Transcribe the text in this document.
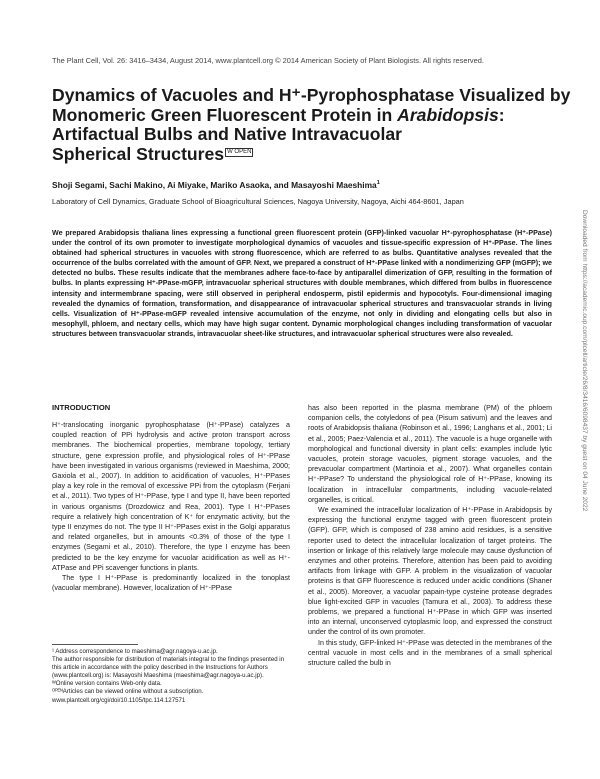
The Plant Cell, Vol. 26: 3416–3434, August 2014, www.plantcell.org © 2014 American Society of Plant Biologists. All rights reserved.
Dynamics of Vacuoles and H⁺-Pyrophosphatase Visualized by
Monomeric Green Fluorescent Protein in Arabidopsis:
Artifactual Bulbs and Native Intravacuolar
Spherical Structures W OPEN
Shoji Segami, Sachi Makino, Ai Miyake, Mariko Asaoka, and Masayoshi Maeshima$^1$
Laboratory of Cell Dynamics, Graduate School of Bioagricultural Sciences, Nagoya University, Nagoya, Aichi 464-8601, Japan

We prepared Arabidopsis thaliana lines expressing a functional green fluorescent protein (GFP)-linked vacuolar H⁺-pyrophosphatase (H⁺-PPase) under the control of its own promoter to investigate morphological dynamics of vacuoles and tissue-specific expression of H⁺-PPase. The lines obtained had spherical structures in vacuoles with strong fluorescence, which are referred to as bulbs. Quantitative analyses revealed that the occurrence of the bulbs correlated with the amount of GFP. Next, we prepared a construct of H⁺-PPase linked with a nondimerizing GFP (mGFP); we detected no bulbs. These results indicate that the membranes adhere face-to-face by antiparallel dimerization of GFP, resulting in the formation of bulbs. In plants expressing H⁺-PPase-mGFP, intravacuolar spherical structures with double membranes, which differed from bulbs in fluorescence intensity and intermembrane spacing, were still observed in peripheral endosperm, pistil epidermis and hypocotyls. Four-dimensional imaging revealed the dynamics of formation, transformation, and disappearance of intravacuolar spherical structures and transvacuolar strands in living cells. Visualization of H⁺-PPase-mGFP revealed intensive accumulation of the enzyme, not only in dividing and elongating cells but also in mesophyll, phloem, and nectary cells, which may have high sugar content. Dynamic morphological changes including transformation of vacuolar structures between transvacuolar strands, intravacuolar sheet-like structures, and intravacuolar spherical structures were also revealed.

INTRODUCTION

H⁺-translocating inorganic pyrophosphatase (H⁺-PPase) catalyzes a coupled reaction of PPi hydrolysis and active proton transport across membranes. The biochemical properties, membrane topology, tertiary structure, gene expression profile, and physiological roles of H⁺-PPase have been investigated in various organisms (reviewed in Maeshima, 2000; Gaxiola et al., 2007). In addition to acidification of vacuoles, H⁺-PPases play a key role in the removal of excessive PPi from the cytoplasm (Ferjani et al., 2011). Two types of H⁺-PPase, type I and type II, have been reported in various organisms (Drozdowicz and Rea, 2001). Type I H⁺-PPases require a relatively high concentration of K⁺ for enzymatic activity, but the type II enzymes do not. The type II H⁺-PPases exist in the Golgi apparatus and related organelles, but in amounts <0.3% of those of the type I enzymes (Segami et al., 2010). Therefore, the type I enzyme has been predicted to be the key enzyme for vacuolar acidification as well as H⁺-ATPase and PPi scavenger functions in plants.

The type I H⁺-PPase is predominantly localized in the tonoplast (vacuolar membrane). However, localization of H⁺-PPase

¹ Address correspondence to maeshima@agr.nagoya-u.ac.jp.

The author responsible for distribution of materials integral to the findings presented in this article in accordance with the policy described in the Instructions for Authors (www.plantcell.org) is: Masayoshi Maeshima (maeshima@agr.nagoya-u.ac.jp).

ᵂOnline version contains Web-only data.

ᴼᴾᴱᴺArticles can be viewed online without a subscription.

www.plantcell.org/cgi/doi/10.1105/tpc.114.127571

has also been reported in the plasma membrane (PM) of the phloem companion cells, the cotyledons of pea (Pisum sativum) and the leaves and roots of Arabidopsis thaliana (Robinson et al., 1996; Langhans et al., 2001; Li et al., 2005; Paez-Valencia et al., 2011). The vacuole is a huge organelle with morphological and functional diversity in plant cells: examples include lytic vacuoles, protein storage vacuoles, pigment storage vacuoles, and the prevacuolar compartment (Martinoia et al., 2007). What organelles contain H⁺-PPase? To understand the physiological role of H⁺-PPase, knowing its localization in intracellular compartments, including vacuole-related organelles, is critical.

We examined the intracellular localization of H⁺-PPase in Arabidopsis by expressing the functional enzyme tagged with green fluorescent protein (GFP). GFP, which is composed of 238 amino acid residues, is a sensitive reporter used to detect the intracellular localization of target proteins. The insertion or linkage of this relatively large molecule may cause dysfunction of enzymes and other proteins. Therefore, attention has been paid to avoiding artifacts from linkage with GFP. A problem in the visualization of vacuolar proteins is that GFP fluorescence is reduced under acidic conditions (Shaner et al., 2005). Moreover, a vacuolar papain-type cysteine protease degrades blue light-excited GFP in vacuoles (Tamura et al., 2003). To address these problems, we prepared a functional H⁺-PPase in which GFP was inserted into an internal, unconserved cytoplasmic loop, and expressed the construct under the control of its own promoter.

In this study, GFP-linked H⁺-PPase was detected in the membranes of the central vacuole in most cells and in the membranes of a small spherical structure called the bulb in

Downloaded from https://academic.oup.com/plcell/article/26/8/3416/6098437 by guest on 04 June 2022
